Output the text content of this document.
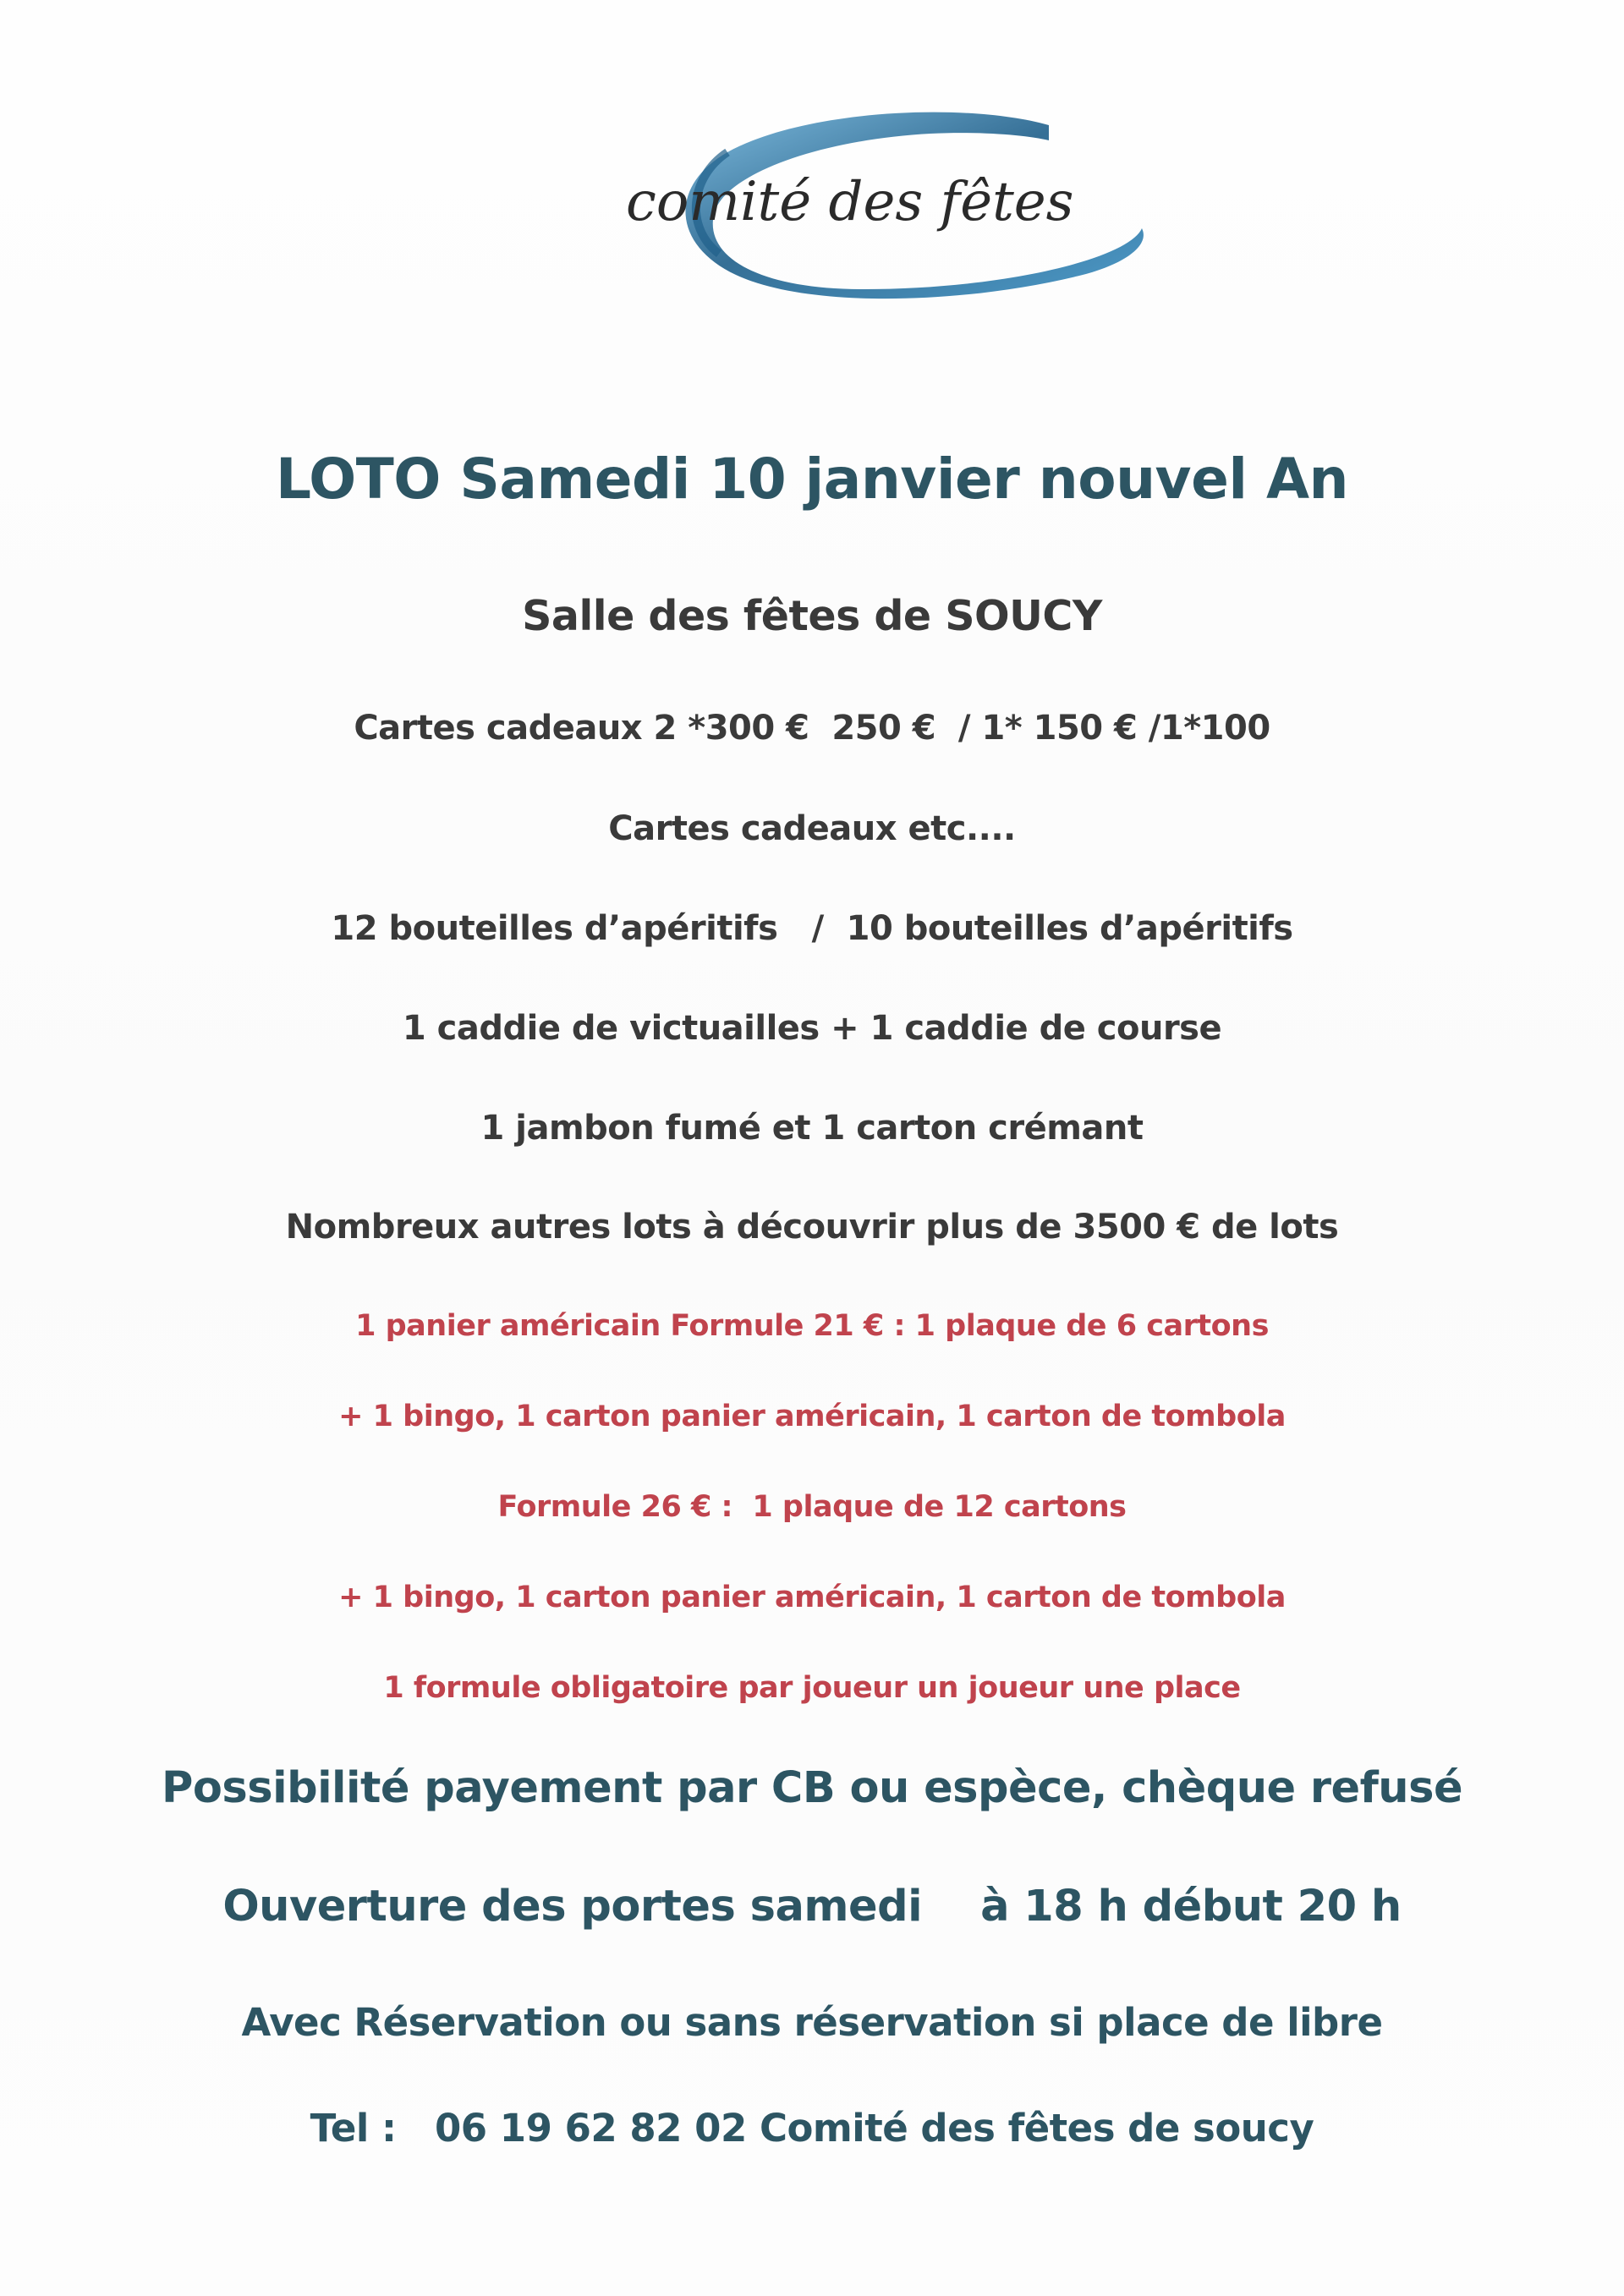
comité des fêtes
LOTO Samedi 10 janvier nouvel An
Salle des fêtes de SOUCY
Cartes cadeaux 2 *300 €  250 €  / 1* 150 € /1*100
Cartes cadeaux etc....
12 bouteilles d’apéritifs   /  10 bouteilles d’apéritifs
1 caddie de victuailles + 1 caddie de course
1 jambon fumé et 1 carton crémant
Nombreux autres lots à découvrir plus de 3500 € de lots
1 panier américain Formule 21 € : 1 plaque de 6 cartons
+ 1 bingo, 1 carton panier américain, 1 carton de tombola
Formule 26 € :  1 plaque de 12 cartons
+ 1 bingo, 1 carton panier américain, 1 carton de tombola
1 formule obligatoire par joueur un joueur une place
Possibilité payement par CB ou espèce, chèque refusé
Ouverture des portes samedi    à 18 h début 20 h
Avec Réservation ou sans réservation si place de libre
Tel :   06 19 62 82 02 Comité des fêtes de soucy
